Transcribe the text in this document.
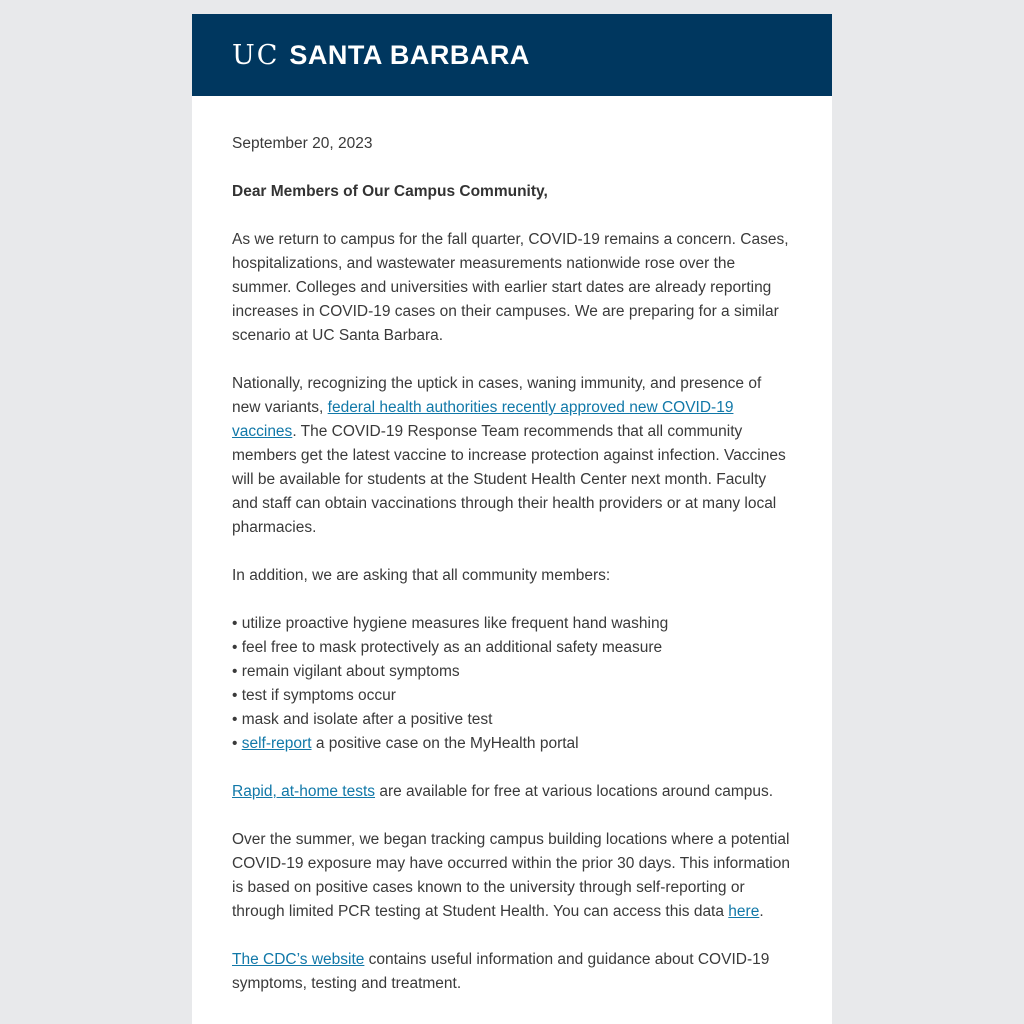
UC SANTA BARBARA

September 20, 2023

Dear Members of Our Campus Community,

As we return to campus for the fall quarter, COVID-19 remains a concern. Cases, hospitalizations, and wastewater measurements nationwide rose over the summer. Colleges and universities with earlier start dates are already reporting increases in COVID-19 cases on their campuses. We are preparing for a similar scenario at UC Santa Barbara.

Nationally, recognizing the uptick in cases, waning immunity, and presence of new variants, federal health authorities recently approved new COVID-19 vaccines. The COVID-19 Response Team recommends that all community members get the latest vaccine to increase protection against infection. Vaccines will be available for students at the Student Health Center next month. Faculty and staff can obtain vaccinations through their health providers or at many local pharmacies.

In addition, we are asking that all community members:

• utilize proactive hygiene measures like frequent hand washing

• feel free to mask protectively as an additional safety measure

• remain vigilant about symptoms

• test if symptoms occur

• mask and isolate after a positive test

• self-report a positive case on the MyHealth portal

Rapid, at-home tests are available for free at various locations around campus.

Over the summer, we began tracking campus building locations where a potential COVID-19 exposure may have occurred within the prior 30 days. This information is based on positive cases known to the university through self-reporting or through limited PCR testing at Student Health. You can access this data here.

The CDC’s website contains useful information and guidance about COVID-19 symptoms, testing and treatment.
